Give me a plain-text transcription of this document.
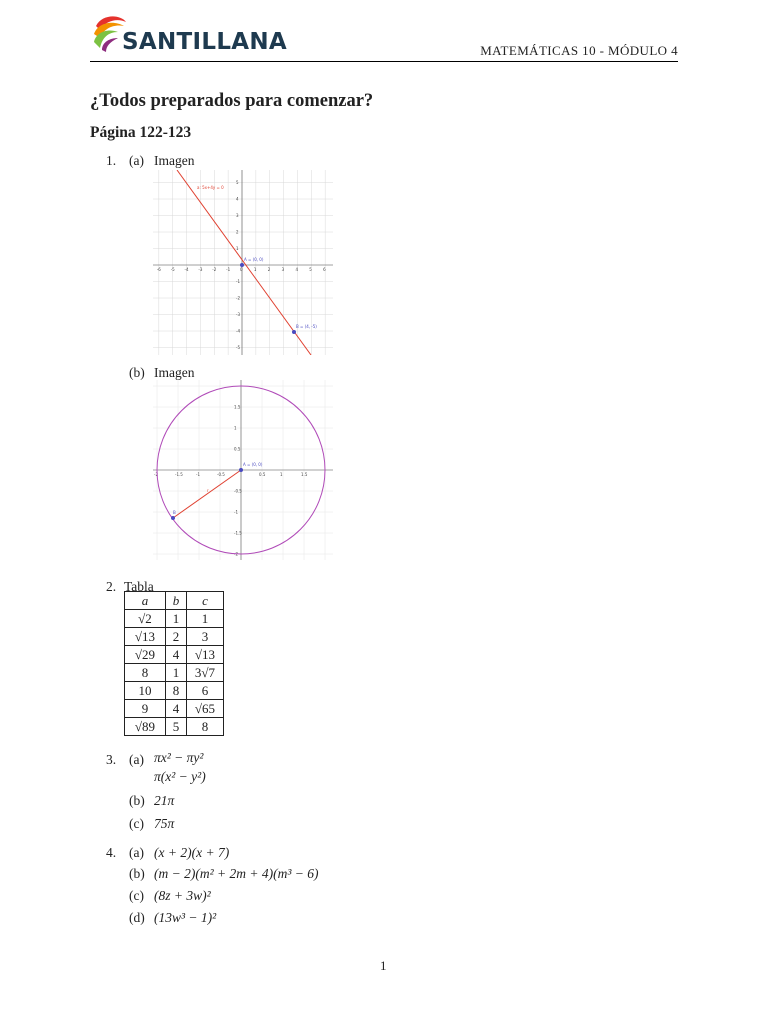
SANTILLANA	MATEMÁTICAS 10 - MÓDULO 4
¿Todos preparados para comenzar?
Página 122-123
1. (a) Imagen
-6 -5 -4 -3 -2 -1 0	1	2	3	4	5	6
5
4
3
2
1
-1
-2
-3
-4
-5
a: 5x+4y = 0
A = (0, 0)
B = (4, -5)
(b) Imagen
-2	-1.5	-1	-0.5	0.5	1	1.5
1.5
1
0.5
-0.5
-1
-1.5
-2
r
A = (0, 0)
B
2. Tabla
a	b	c
√2	1	1
√13	2	3
√29	4	√13
8	1	3√7
10	8	6
9	4	√65
√89	5	8
3. (a) πx² − πy²
π(x² − y²)
(b) 21π
(c) 75π
4. (a) (x + 2)(x + 7)
(b) (m − 2)(m² + 2m + 4)(m³ − 6)
(c) (8z + 3w)²
(d) (13w³ − 1)²
1
